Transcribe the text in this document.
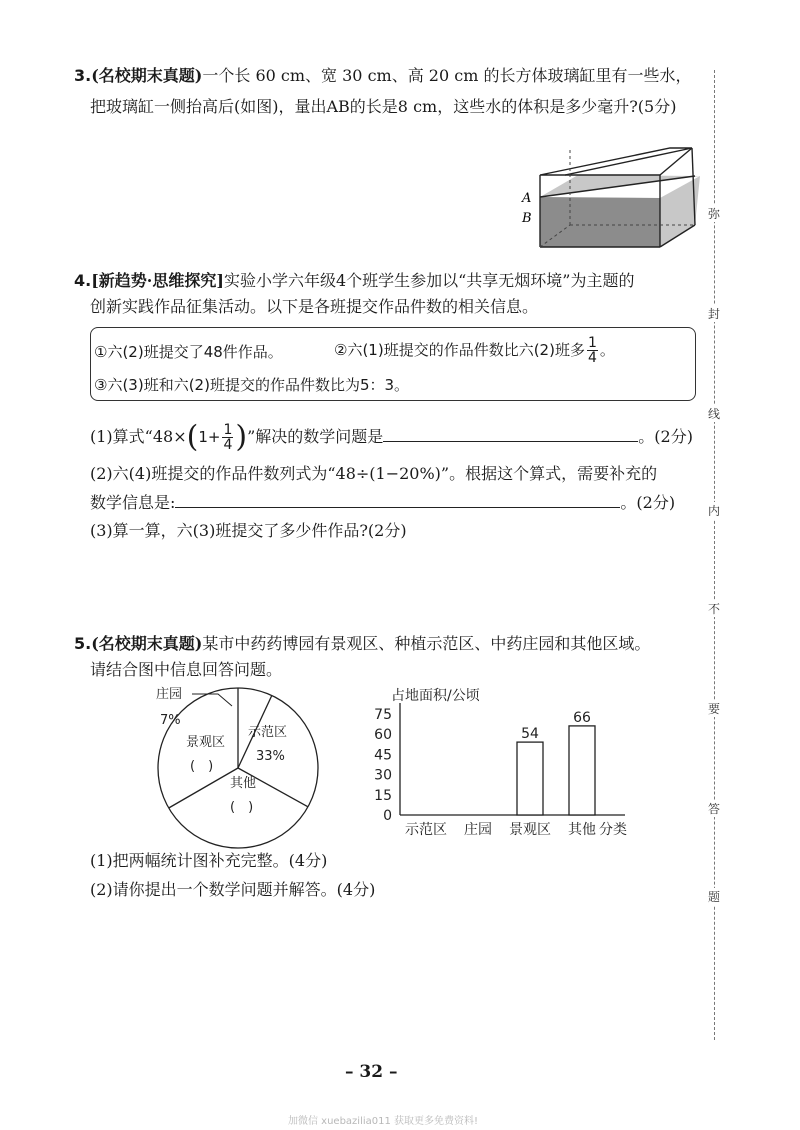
3.(名校期末真题)一个长 60 cm、宽 30 cm、高 20 cm 的长方体玻璃缸里有一些水，
把玻璃缸一侧抬高后(如图)，量出AB的长是8 cm，这些水的体积是多少毫升?(5分)
A
B
4.[新趋势·思维探究]实验小学六年级4个班学生参加以“共享无烟环境”为主题的
创新实践作品征集活动。以下是各班提交作品件数的相关信息。
①六(2)班提交了48件作品。	②六(1)班提交的作品件数比六(2)班多 $\frac{1}{4}$ 。
③六(3)班和六(2)班提交的作品件数比为5：3。
(1)算式“$48\times(1+ \frac{1}{4}$ )”解决的数学问题是	。(2分)
(2)六(4)班提交的作品件数列式为“48÷(1−20%)”。根据这个算式，需要补充的
数学信息是:	。(2分)
(3)算一算，六(3)班提交了多少件作品?(2分)
5.(名校期末真题)某市中药药博园有景观区、种植示范区、中药庄园和其他区域。
请结合图中信息回答问题。
庄园
7%
示范区
33%
其他
(　)
景观区
(　)
占地面积/公顷
分类
0
15
30
45
60
75
54
66
示范区 庄园 景观区 其他
(1)把两幅统计图补充完整。(4分)
(2)请你提出一个数学问题并解答。(4分)
弥
封
线
内
不
要
答
题
– 32 –
加微信 xuebazilia011 获取更多免费资料!
